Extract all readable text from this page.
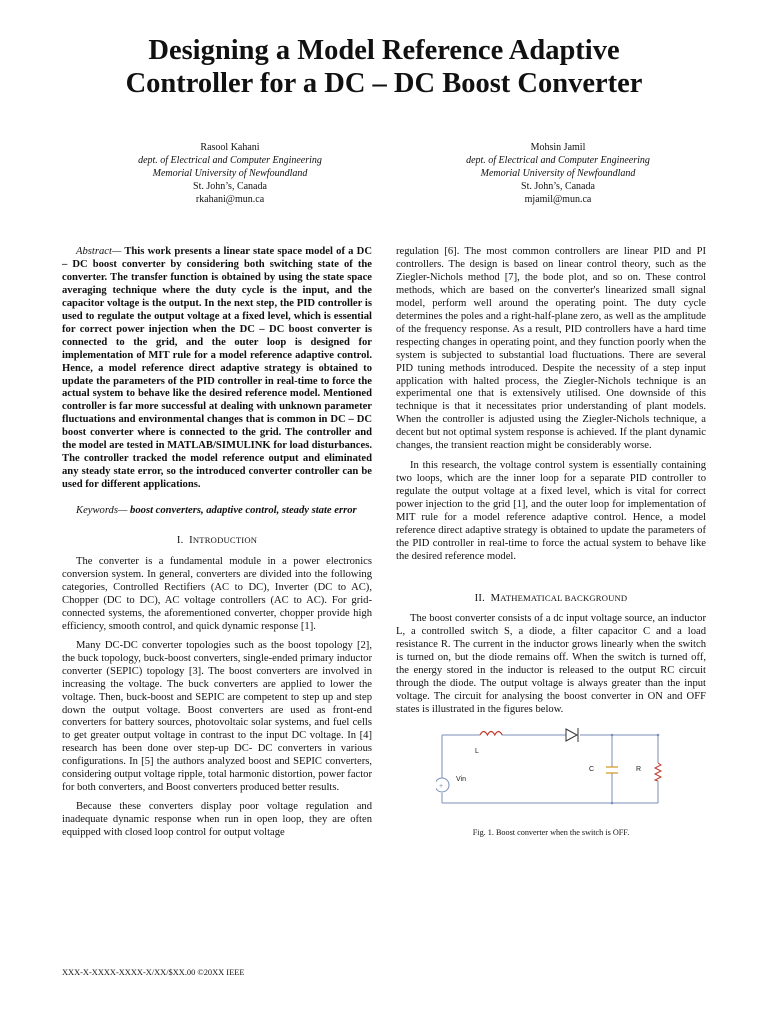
Designing a Model Reference Adaptive
Controller for a DC – DC Boost Converter
Rasool Kahani
dept. of Electrical and Computer Engineering
Memorial University of Newfoundland
St. John’s, Canada
rkahani@mun.ca
Mohsin Jamil
dept. of Electrical and Computer Engineering
Memorial University of Newfoundland
St. John’s, Canada
mjamil@mun.ca

Abstract— This work presents a linear state space model of a DC – DC boost converter by considering both switching state of the converter. The transfer function is obtained by using the state space averaging technique where the duty cycle is the input, and the capacitor voltage is the output. In the next step, the PID controller is used to regulate the output voltage at a fixed level, which is essential for correct power injection when the DC – DC boost converter is connected to the grid, and the outer loop is designed for implementation of MIT rule for a model reference adaptive control. Hence, a model reference direct adaptive strategy is obtained to update the parameters of the PID controller in real-time to force the actual system to behave like the desired reference model. Mentioned controller is far more successful at dealing with unknown parameter fluctuations and environmental changes that is common in DC – DC boost converter where is connected to the grid. The controller and the model are tested in MATLAB/SIMULINK for load disturbances. The controller tracked the model reference output and eliminated any steady state error, so the introduced converter controller can be used for different applications.

Keywords— boost converters, adaptive control, steady state error

I. INTRODUCTION

The converter is a fundamental module in a power electronics conversion system. In general, converters are divided into the following categories, Controlled Rectifiers (AC to DC), Inverter (DC to AC), Chopper (DC to DC), AC voltage controllers (AC to AC). For grid-connected systems, the aforementioned converter, chopper provide high efficiency, smooth control, and quick dynamic response [1].

Many DC-DC converter topologies such as the boost topology [2], the buck topology, buck-boost converters, single-ended primary inductor converter (SEPIC) topology [3]. The boost converters are involved in increasing the voltage. The buck converters are applied to lower the voltage. Then, buck-boost and SEPIC are competent to step up and step down the output voltage. Boost converters are used as front-end converters for battery sources, photovoltaic solar systems, and fuel cells to get greater output voltage in contrast to the input DC voltage. In [4] research has been done over step-up DC- DC converters in various configurations. In [5] the authors analyzed boost and SEPIC converters, considering output voltage ripple, total harmonic distortion, power factor for both converters, and Boost converters produced better results.

Because these converters display poor voltage regulation and inadequate dynamic response when run in open loop, they are often equipped with closed loop control for output voltage

regulation [6]. The most common controllers are linear PID and PI controllers. The design is based on linear control theory, such as the Ziegler-Nichols method [7], the bode plot, and so on. These control methods, which are based on the converter's linearized small signal model, perform well around the operating point. The duty cycle determines the poles and a right-half-plane zero, as well as the amplitude of the frequency response. As a result, PID controllers have a hard time respecting changes in operating point, and they function poorly when the system is subjected to substantial load fluctuations. There are several PID tuning methods introduced. Despite the necessity of a step input application with halted process, the Ziegler-Nichols technique is an experimental one that is extensively utilised. One downside of this technique is that it necessitates prior understanding of plant models. When the controller is adjusted using the Ziegler-Nichols technique, a decent but not optimal system response is achieved. If the plant dynamic changes, the transient reaction might be considerably worse.

In this research, the voltage control system is essentially containing two loops, which are the inner loop for a separate PID controller to regulate the output voltage at a fixed level, which is vital for correct power injection to the grid [1], and the outer loop for implementation of MIT rule for a model reference adaptive control. Hence, a model reference direct adaptive strategy is obtained to update the parameters of the PID controller in real-time to force the actual system to behave like the desired reference model.

II. MATHEMATICAL BACKGROUND

The boost converter consists of a dc input voltage source, an inductor L, a controlled switch S, a diode, a filter capacitor C and a load resistance R. The current in the inductor grows linearly when the switch is turned on, but the diode remains off. When the switch is turned off, the energy stored in the inductor is released to the output RC circuit through the diode. The output voltage is always greater than the input voltage. The circuit for analysing the boost converter in ON and OFF states is illustrated in the figures below.

+
L
Vin
C	R
Fig. 1. Boost converter when the switch is OFF.
XXX-X-XXXX-XXXX-X/XX/$XX.00 ©20XX IEEE
